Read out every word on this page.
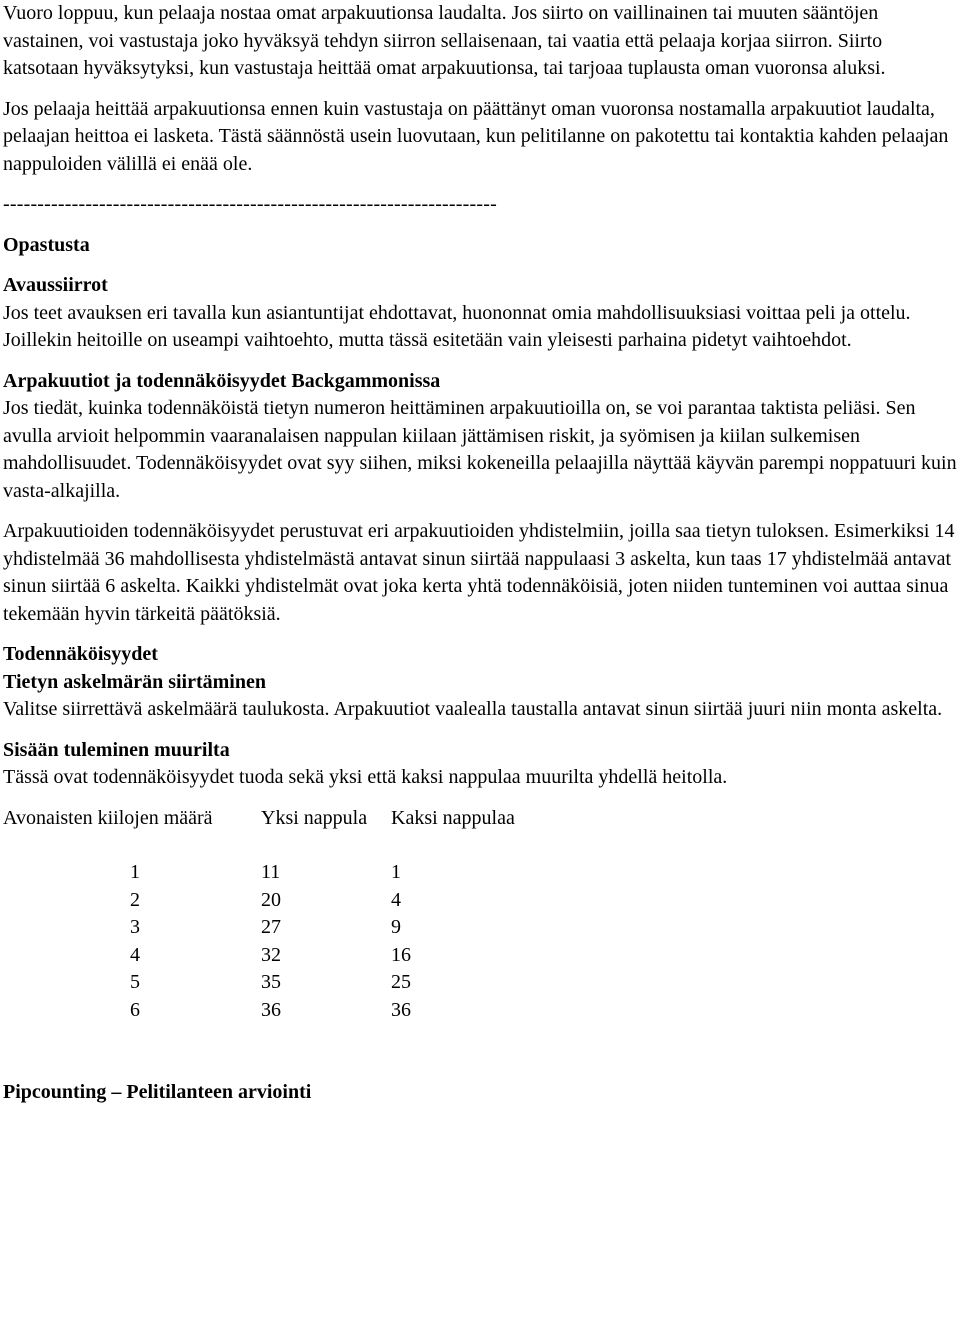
Vuoro loppuu, kun pelaaja nostaa omat arpakuutionsa laudalta. Jos siirto on vaillinainen tai muuten sääntöjen vastainen, voi vastustaja joko hyväksyä tehdyn siirron sellaisenaan, tai vaatia että pelaaja korjaa siirron. Siirto katsotaan hyväksytyksi, kun vastustaja heittää omat arpakuutionsa, tai tarjoaa tuplausta oman vuoronsa aluksi.

Jos pelaaja heittää arpakuutionsa ennen kuin vastustaja on päättänyt oman vuoronsa nostamalla arpakuutiot laudalta, pelaajan heittoa ei lasketa. Tästä säännöstä usein luovutaan, kun pelitilanne on pakotettu tai kontaktia kahden pelaajan nappuloiden välillä ei enää ole.

------------------------------------------------------------------------

Opastusta

Avaussiirrot

Jos teet avauksen eri tavalla kun asiantuntijat ehdottavat, huononnat omia mahdollisuuksiasi voittaa peli ja ottelu. Joillekin heitoille on useampi vaihtoehto, mutta tässä esitetään vain yleisesti parhaina pidetyt vaihtoehdot.

Arpakuutiot ja todennäköisyydet Backgammonissa

Jos tiedät, kuinka todennäköistä tietyn numeron heittäminen arpakuutioilla on, se voi parantaa taktista peliäsi. Sen avulla arvioit helpommin vaaranalaisen nappulan kiilaan jättämisen riskit, ja syömisen ja kiilan sulkemisen mahdollisuudet. Todennäköisyydet ovat syy siihen, miksi kokeneilla pelaajilla näyttää käyvän parempi noppatuuri kuin vasta-alkajilla.

Arpakuutioiden todennäköisyydet perustuvat eri arpakuutioiden yhdistelmiin, joilla saa tietyn tuloksen. Esimerkiksi 14 yhdistelmää 36 mahdollisesta yhdistelmästä antavat sinun siirtää nappulaasi 3 askelta, kun taas 17 yhdistelmää antavat sinun siirtää 6 askelta. Kaikki yhdistelmät ovat joka kerta yhtä todennäköisiä, joten niiden tunteminen voi auttaa sinua tekemään hyvin tärkeitä päätöksiä.

Todennäköisyydet

Tietyn askelmärän siirtäminen

Valitse siirrettävä askelmäärä taulukosta. Arpakuutiot vaalealla taustalla antavat sinun siirtää juuri niin monta askelta.

Sisään tuleminen muurilta

Tässä ovat todennäköisyydet tuoda sekä yksi että kaksi nappulaa muurilta yhdellä heitolla.

Avonaisten kiilojen määrä	Yksi nappula	Kaksi nappulaa

1	11	1
2	20	4
3	27	9
4	32	16
5	35	25
6	36	36

Pipcounting – Pelitilanteen arviointi
